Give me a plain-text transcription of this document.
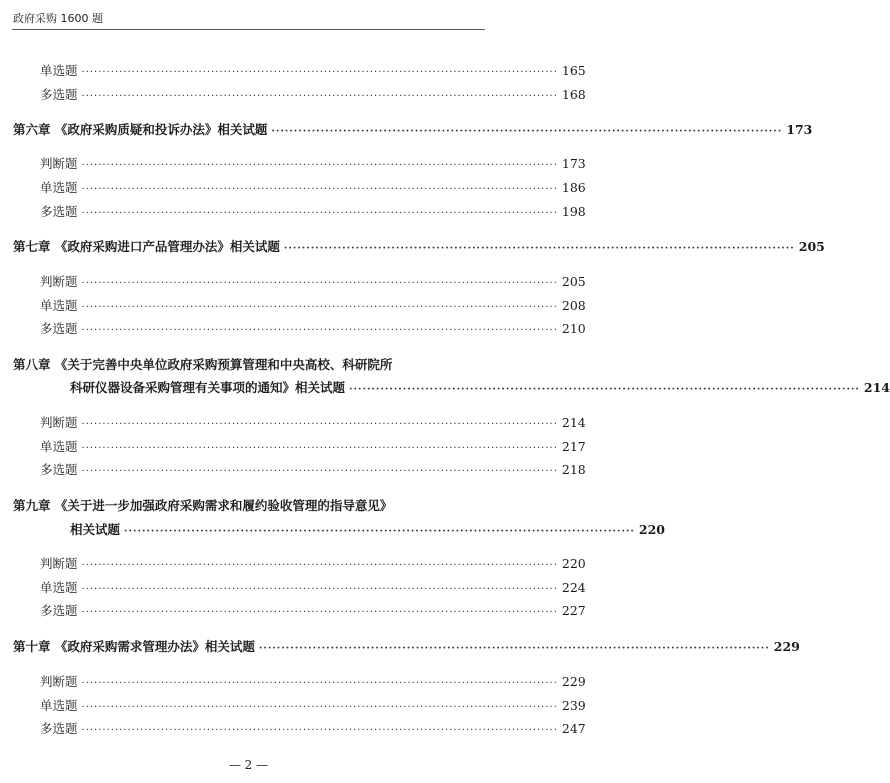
政府采购 1600 题
单选题 ·················································································································· 165
多选题 ·················································································································· 168
第六章 《政府采购质疑和投诉办法》相关试题 ·················································································································· 173
判断题 ·················································································································· 173
单选题 ·················································································································· 186
多选题 ·················································································································· 198
第七章 《政府采购进口产品管理办法》相关试题 ·················································································································· 205
判断题 ·················································································································· 205
单选题 ·················································································································· 208
多选题 ·················································································································· 210
第八章 《关于完善中央单位政府采购预算管理和中央高校、科研院所
科研仪器设备采购管理有关事项的通知》相关试题 ·················································································································· 214
判断题 ·················································································································· 214
单选题 ·················································································································· 217
多选题 ·················································································································· 218
第九章 《关于进一步加强政府采购需求和履约验收管理的指导意见》
相关试题 ·················································································································· 220
判断题 ·················································································································· 220
单选题 ·················································································································· 224
多选题 ·················································································································· 227
第十章 《政府采购需求管理办法》相关试题 ·················································································································· 229
判断题 ·················································································································· 229
单选题 ·················································································································· 239
多选题 ·················································································································· 247
— 2 —
